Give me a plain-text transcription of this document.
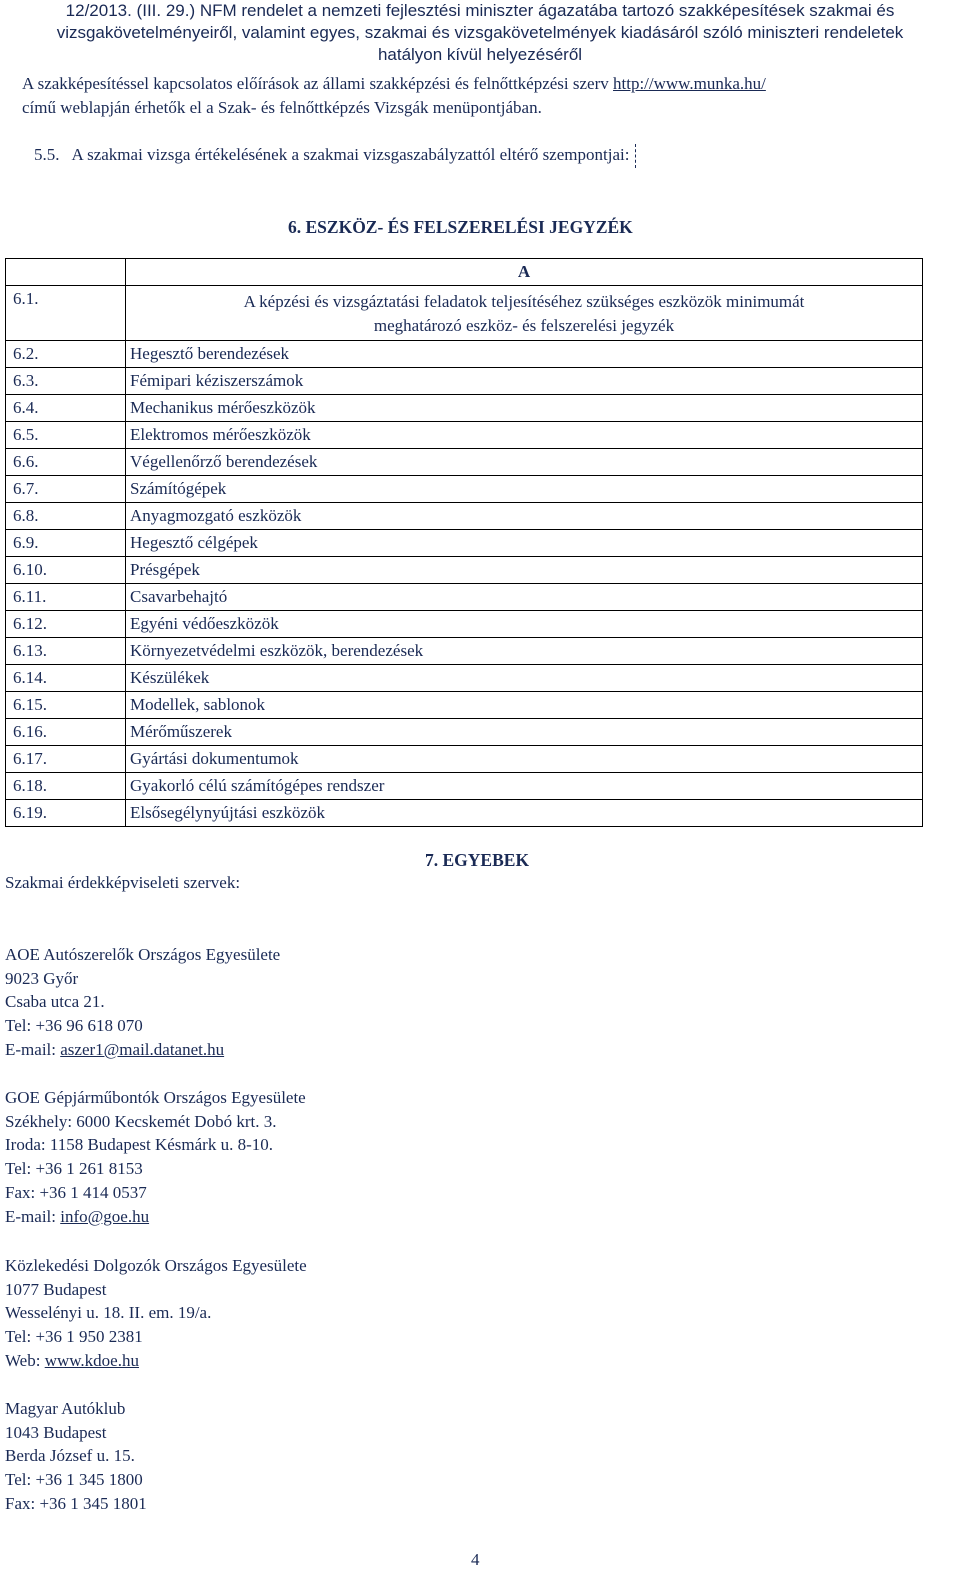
12/2013. (III. 29.) NFM rendelet a nemzeti fejlesztési miniszter ágazatába tartozó szakképesítések szakmai és
vizsgakövetelményeiről, valamint egyes, szakmai és vizsgakövetelmények kiadásáról szóló miniszteri rendeletek
hatályon kívül helyezéséről
A szakképesítéssel kapcsolatos előírások az állami szakképzési és felnőttképzési szerv http://www.munka.hu/
című weblapján érhetők el a Szak- és felnőttképzés Vizsgák menüpontjában.
5.5. A szakmai vizsga értékelésének a szakmai vizsgaszabályzattól eltérő szempontjai:
6. ESZKÖZ- ÉS FELSZERELÉSI JEGYZÉK
	A
6.1.	A képzési és vizsgáztatási feladatok teljesítéséhez szükséges eszközök minimumát
meghatározó eszköz- és felszerelési jegyzék

6.2.	Hegesztő berendezések
6.3.	Fémipari kéziszerszámok
6.4.	Mechanikus mérőeszközök
6.5.	Elektromos mérőeszközök
6.6.	Végellenőrző berendezések
6.7.	Számítógépek
6.8.	Anyagmozgató eszközök
6.9.	Hegesztő célgépek
6.10.	Présgépek
6.11.	Csavarbehajtó
6.12.	Egyéni védőeszközök
6.13.	Környezetvédelmi eszközök, berendezések
6.14.	Készülékek
6.15.	Modellek, sablonok
6.16.	Mérőműszerek
6.17.	Gyártási dokumentumok
6.18.	Gyakorló célú számítógépes rendszer
6.19.	Elsősegélynyújtási eszközök
7. EGYEBEK
Szakmai érdekképviseleti szervek:
AOE Autószerelők Országos Egyesülete
9023 Győr
Csaba utca 21.
Tel: +36 96 618 070
E-mail: aszer1@mail.datanet.hu
GOE Gépjárműbontók Országos Egyesülete
Székhely: 6000 Kecskemét Dobó krt. 3.
Iroda: 1158 Budapest Késmárk u. 8-10.
Tel: +36 1 261 8153
Fax: +36 1 414 0537
E-mail: info@goe.hu
Közlekedési Dolgozók Országos Egyesülete
1077 Budapest
Wesselényi u. 18. II. em. 19/a.
Tel: +36 1 950 2381
Web: www.kdoe.hu
Magyar Autóklub
1043 Budapest
Berda József u. 15.
Tel: +36 1 345 1800
Fax: +36 1 345 1801
4
